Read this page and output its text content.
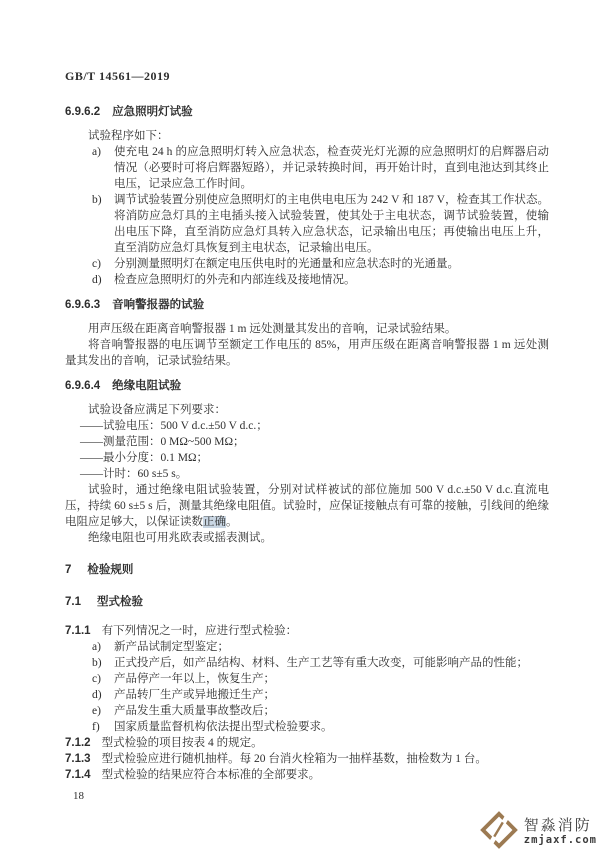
GB/T 14561—2019
6.9.6.2 应急照明灯试验

试验程序如下：

a)	使充电 24 h 的应急照明灯转入应急状态，检查荧光灯光源的应急照明灯的启辉器启动情况（必要时可将启辉器短路），并记录转换时间，再开始计时，直到电池达到其终止电压，记录应急工作时间。
b)	调节试验装置分别使应急照明灯的主电供电电压为 242 V 和 187 V，检查其工作状态。将消防应急灯具的主电插头接入试验装置，使其处于主电状态，调节试验装置，使输出电压下降，直至消防应急灯具转入应急状态，记录输出电压；再使输出电压上升，直至消防应急灯具恢复到主电状态，记录输出电压。
c)	分别测量照明灯在额定电压供电时的光通量和应急状态时的光通量。
d)	检查应急照明灯的外壳和内部连线及接地情况。
6.9.6.3 音响警报器的试验

用声压级在距离音响警报器 1 m 远处测量其发出的音响，记录试验结果。

将音响警报器的电压调节至额定工作电压的 85%，用声压级在距离音响警报器 1 m 远处测量其发出的音响，记录试验结果。

6.9.6.4 绝缘电阻试验

试验设备应满足下列要求：

——试验电压：500 V d.c.±50 V d.c.；

——测量范围：0 MΩ~500 MΩ；

——最小分度：0.1 MΩ；

——计时：60 s±5 s。

试验时，通过绝缘电阻试验装置，分别对试样被试的部位施加 500 V d.c.±50 V d.c.直流电压，持续 60 s±5 s 后，测量其绝缘电阻值。试验时，应保证接触点有可靠的接触，引线间的绝缘电阻应足够大，以保证读数正确。

绝缘电阻也可用兆欧表或摇表测试。

7 检验规则
7.1 型式检验
7.1.1 有下列情况之一时，应进行型式检验：
a)	新产品试制定型鉴定；
b)	正式投产后，如产品结构、材料、生产工艺等有重大改变，可能影响产品的性能；
c)	产品停产一年以上，恢复生产；
d)	产品转厂生产或异地搬迁生产；
e)	产品发生重大质量事故整改后；
f)	国家质量监督机构依法提出型式检验要求。
7.1.2 型式检验的项目按表 4 的规定。
7.1.3 型式检验应进行随机抽样。每 20 台消火栓箱为一抽样基数，抽检数为 1 台。
7.1.4 型式检验的结果应符合本标准的全部要求。
18
智淼消防
zmjaxf.com
